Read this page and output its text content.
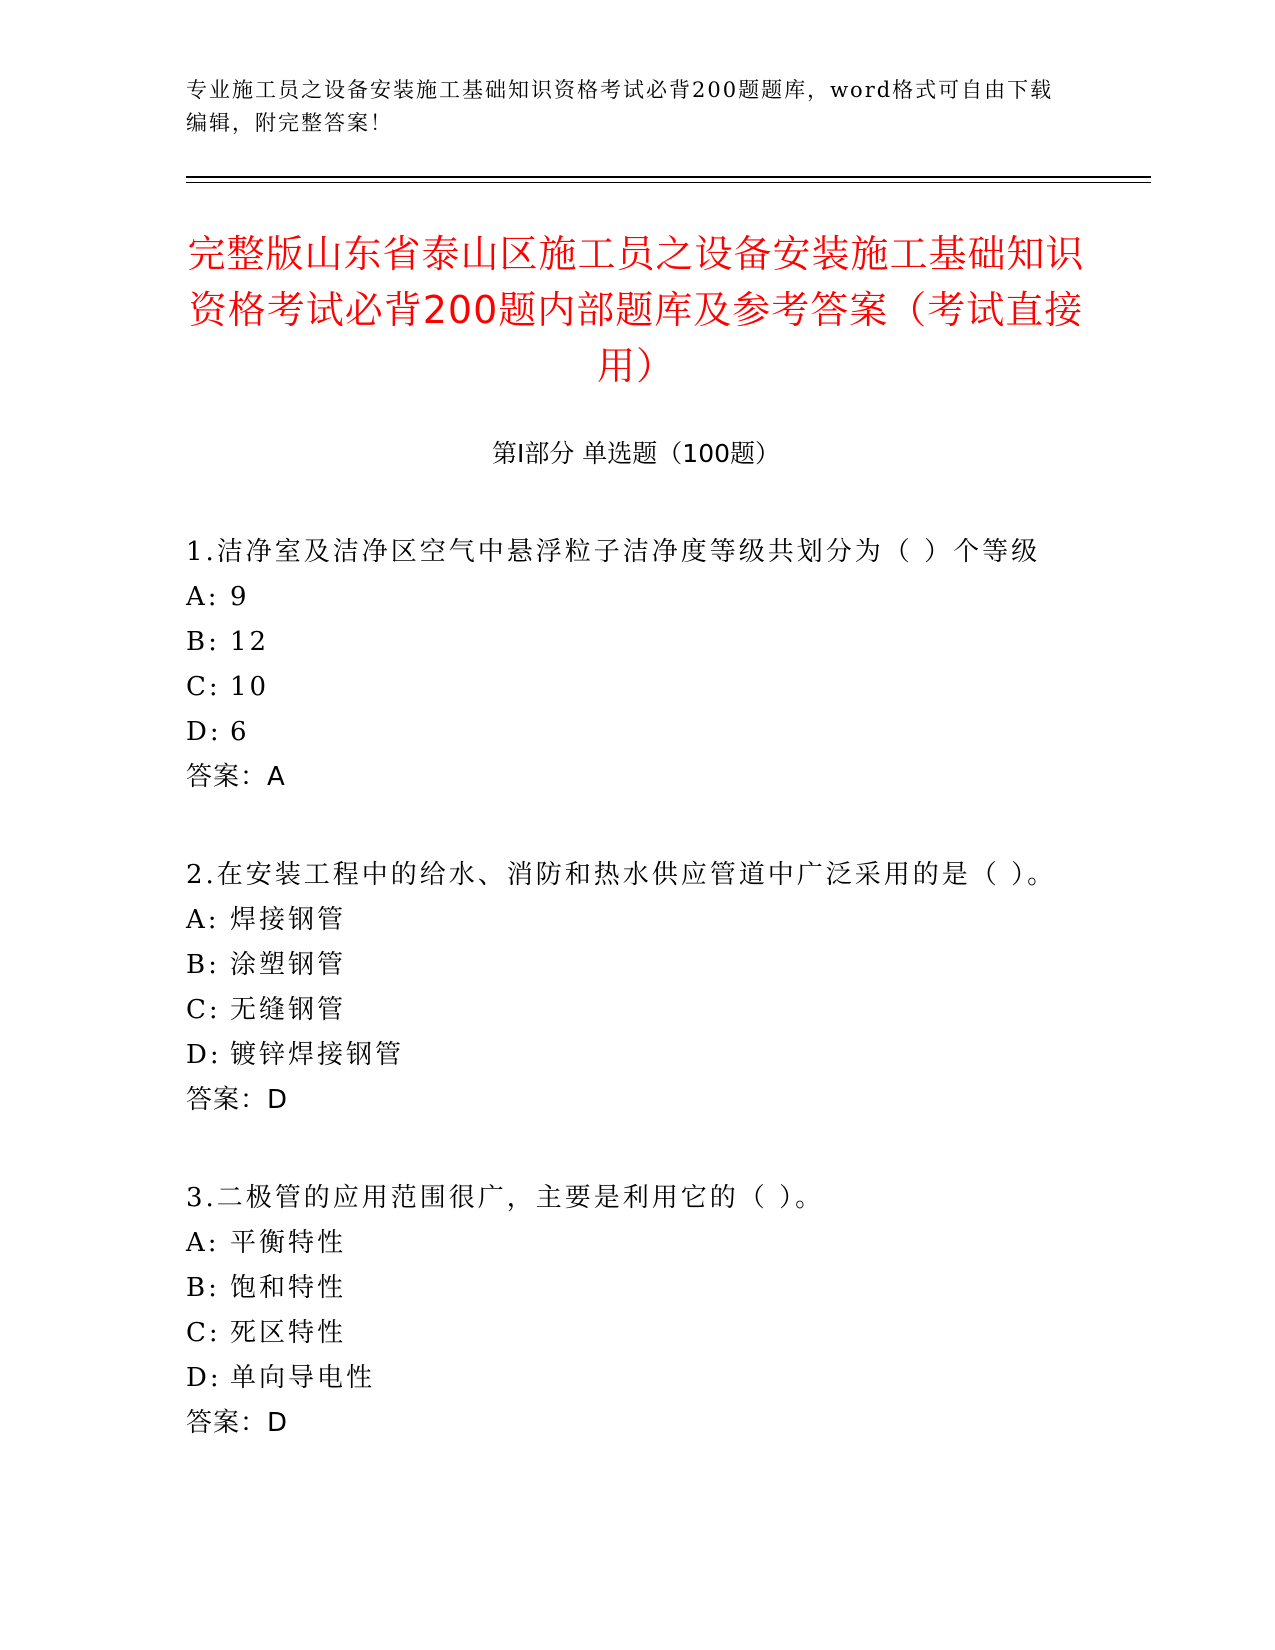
专业施工员之设备安装施工基础知识资格考试必背200题题库，word格式可自由下载编辑，附完整答案！
完整版山东省泰山区施工员之设备安装施工基础知识资格考试必背200题内部题库及参考答案（考试直接用）
第Ⅰ部分 单选题（100题）
1.洁净室及洁净区空气中悬浮粒子洁净度等级共划分为（ ）个等级
A: 9
B: 12
C: 10
D: 6
答案：A
2.在安装工程中的给水、消防和热水供应管道中广泛采用的是（ ）。
A: 焊接钢管
B: 涂塑钢管
C: 无缝钢管
D: 镀锌焊接钢管
答案：D
3.二极管的应用范围很广，主要是利用它的（ ）。
A: 平衡特性
B: 饱和特性
C: 死区特性
D: 单向导电性
答案：D
